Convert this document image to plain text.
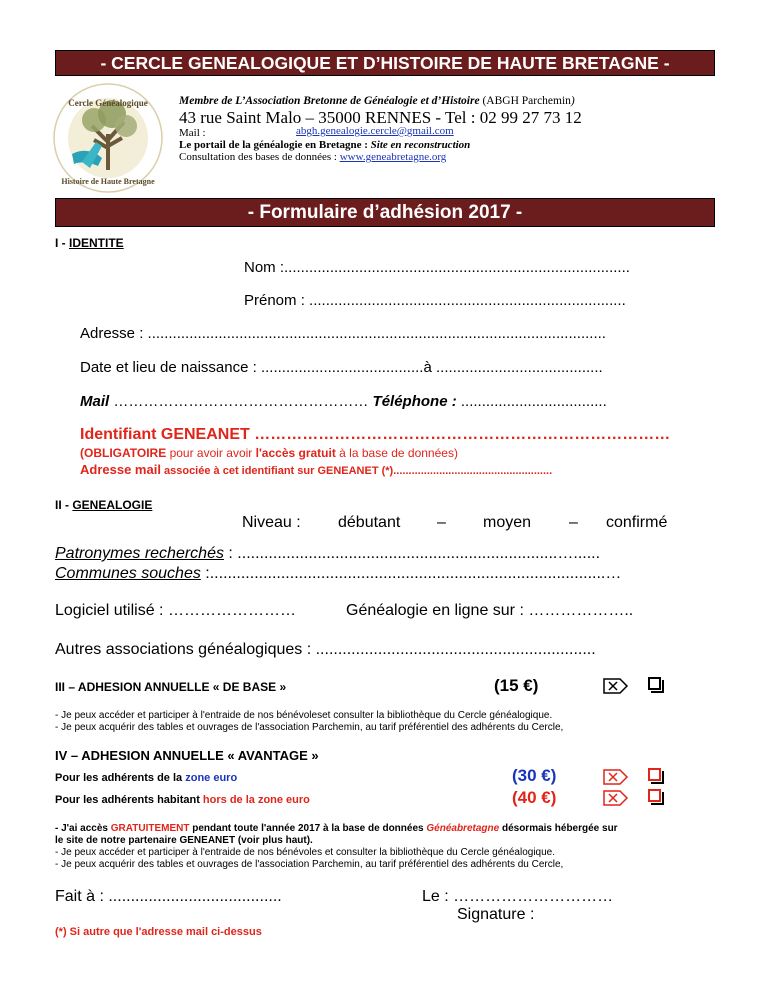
- CERCLE GENEALOGIQUE ET D’HISTOIRE DE HAUTE BRETAGNE -
Cercle Généalogique
Histoire de Haute Bretagne
Membre de L’Association Bretonne de Généalogie et d’Histoire (ABGH Parchemin)
43 rue Saint Malo – 35000 RENNES - Tel : 02 99 27 73 12
Mail :	abgh.genealogie.cercle@gmail.com
Le portail de la généalogie en Bretagne : Site en reconstruction
Consultation des bases de données : www.geneabretagne.org
- Formulaire d’adhésion 2017 -
I - IDENTITE
Nom :...................................................................................
Prénom : ............................................................................
Adresse : ..............................................................................................................
Date et lieu de naissance : .......................................à ........................................
Mail …………………………………………… Téléphone : ...................................
Identifiant GENEANET ……………………………………………………………………
(OBLIGATOIRE pour avoir avoir l'accès gratuit à la base de données)
Adresse mail associée à cet identifiant sur GENEANET (*)....................................................
II - GENEALOGIE
Niveau : débutant – moyen – confirmé
Patronymes recherchés : ........................................................................…......
Communes souches :.........................................................................................…
Logiciel utilisé : ……………………	Généalogie en ligne sur : ………………..
Autres associations généalogiques : ...............................................................
III – ADHESION ANNUELLE « DE BASE »	(15 €)
- Je peux accéder et participer à l'entraide de nos bénévoleset consulter la bibliothèque du Cercle généalogique.
- Je peux acquérir des tables et ouvrages de l'association Parchemin, au tarif préférentiel des adhérents du Cercle,
IV – ADHESION ANNUELLE « AVANTAGE »
Pour les adhérents de la zone euro	(30 €)
Pour les adhérents habitant hors de la zone euro	(40 €)
- J'ai accès GRATUITEMENT pendant toute l'année 2017 à la base de données Généabretagne désormais hébergée sur
le site de notre partenaire GENEANET (voir plus haut).
- Je peux accéder et participer à l'entraide de nos bénévoles et consulter la bibliothèque du Cercle généalogique.
- Je peux acquérir des tables et ouvrages de l'association Parchemin, au tarif préférentiel des adhérents du Cercle,
Fait à : .......................................	Le : …………………………
Signature :
(*) Si autre que l'adresse mail ci-dessus
